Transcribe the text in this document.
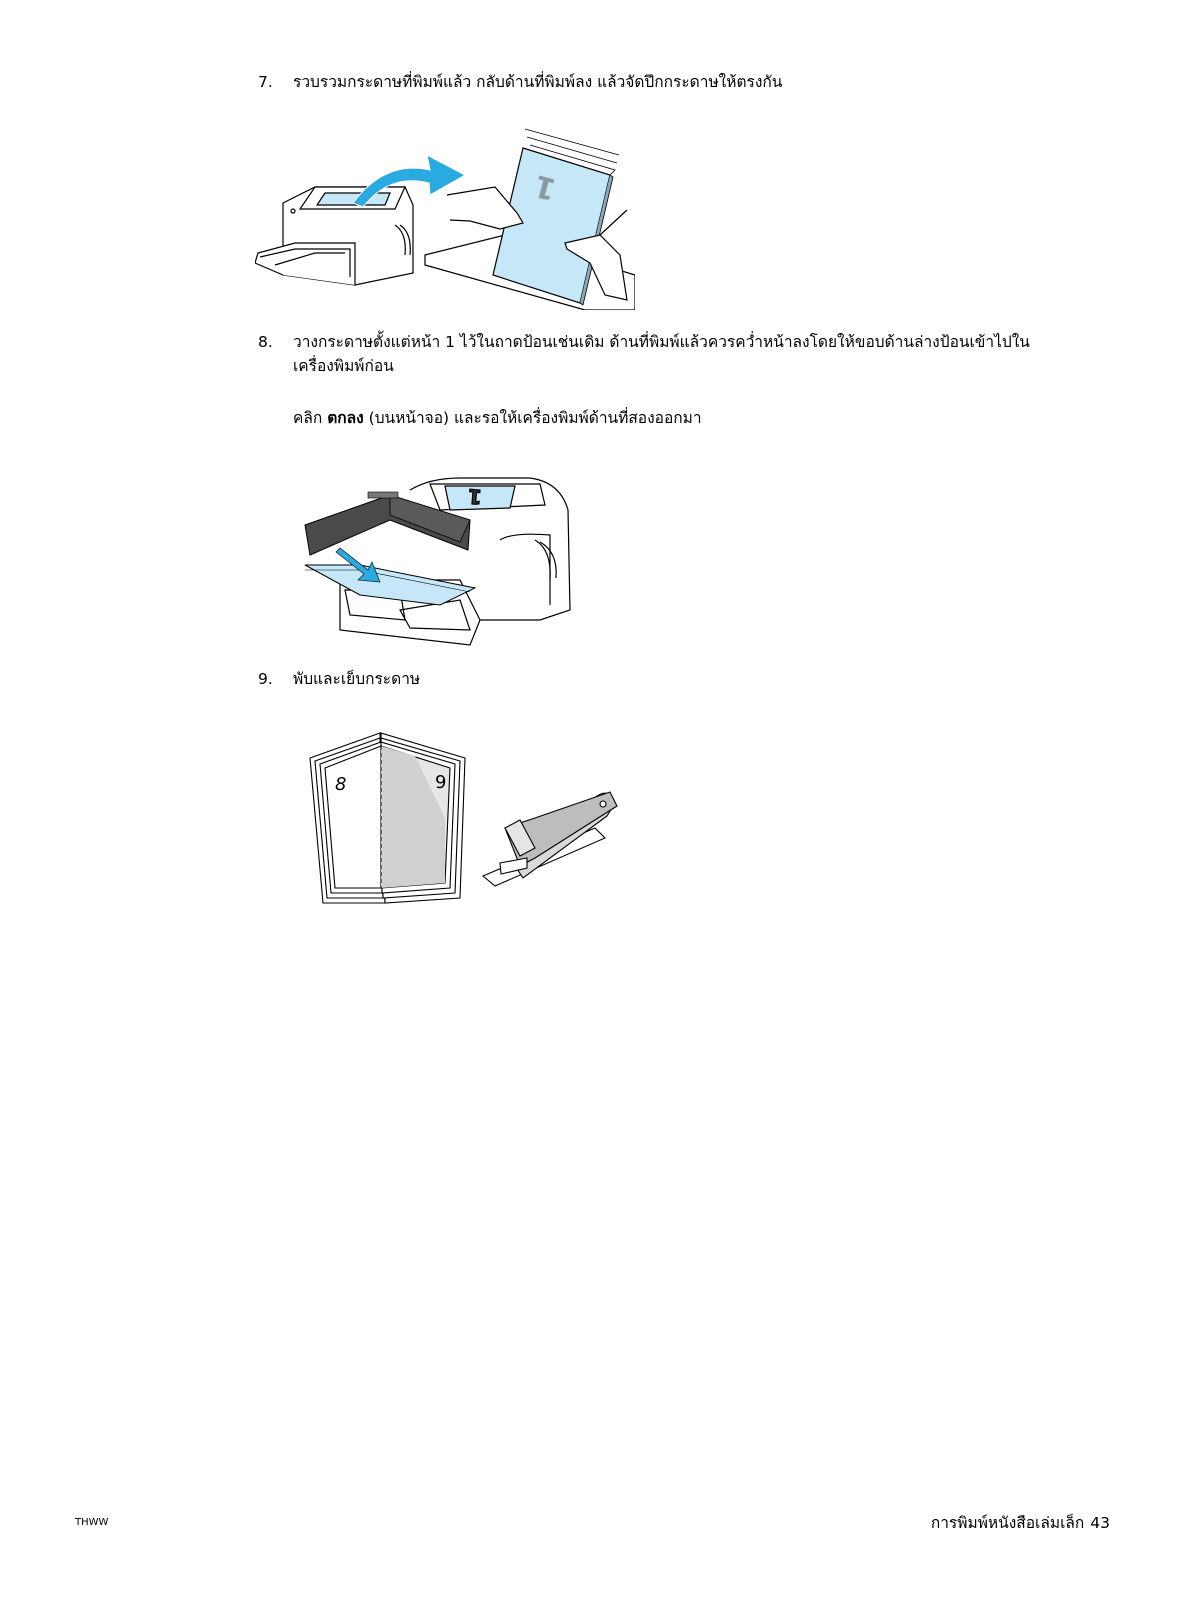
7.	รวบรวมกระดาษที่พิมพ์แล้ว กลับด้านที่พิมพ์ลง แล้วจัดปึกกระดาษให้ตรงกัน
1
8.	วางกระดาษตั้งแต่หน้า 1 ไว้ในถาดป้อนเช่นเดิม ด้านที่พิมพ์แล้วควรคว่ำหน้าลงโดยให้ขอบด้านล่างป้อนเข้าไปใน
เครื่องพิมพ์ก่อน
คลิก ตกลง (บนหน้าจอ) และรอให้เครื่องพิมพ์ด้านที่สองออกมา
1
9.	พับและเย็บกระดาษ
8	9
THWW	การพิมพ์หนังสือเล่มเล็ก 43
